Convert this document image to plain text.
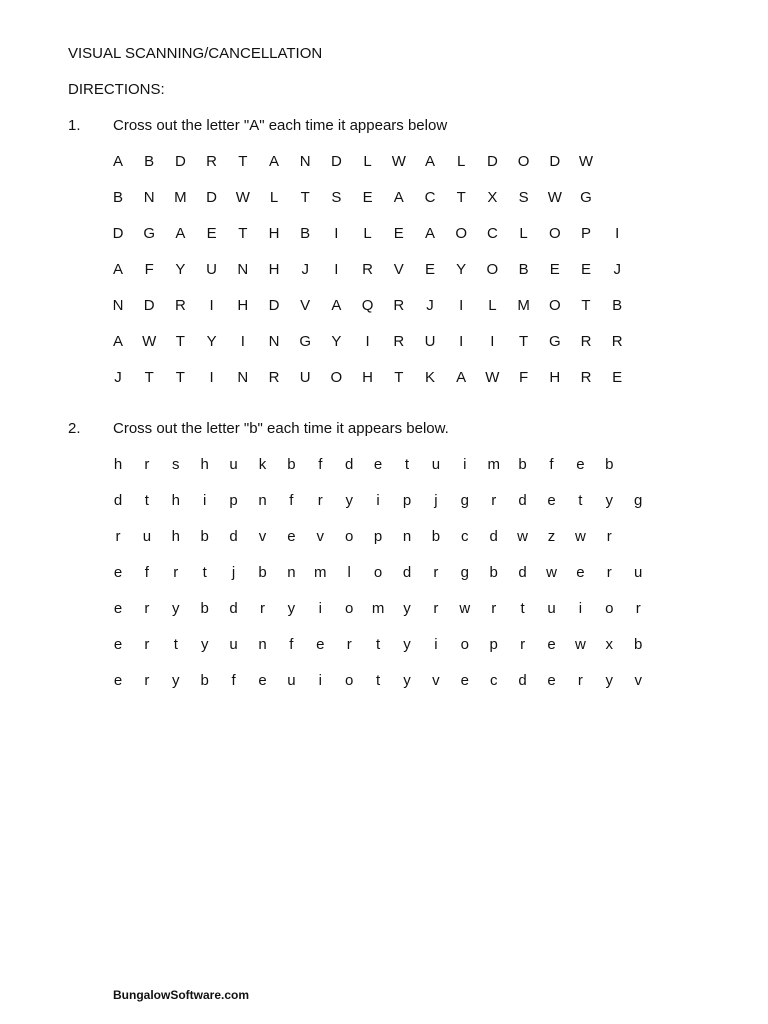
VISUAL SCANNING/CANCELLATION
DIRECTIONS:
1. Cross out the letter "A" each time it appears below
A	B	D	R	T	A	N	D	L	W	A	L	D	O	D	W
B	N	M	D	W	L	T	S	E	A	C	T	X	S	W	G
D	G	A	E	T	H	B	I	L	E	A	O	C	L	O	P	I
A	F	Y	U	N	H	J	I	R	V	E	Y	O	B	E	E	J
N	D	R	I	H	D	V	A	Q	R	J	I	L	M	O	T	B
A	W	T	Y	I	N	G	Y	I	R	U	I	I	T	G	R	R
J	T	T	I	N	R	U	O	H	T	K	A	W	F	H	R	E
2. Cross out the letter "b" each time it appears below.
h	r	s	h	u	k	b	f	d	e	t	u	i	m	b	f	e	b
d	t	h	i	p	n	f	r	y	i	p	j	g	r	d	e	t	y	g
r	u	h	b	d	v	e	v	o	p	n	b	c	d	w	z	w	r
e	f	r	t	j	b	n	m	l	o	d	r	g	b	d	w	e	r	u
e	r	y	b	d	r	y	i	o	m	y	r	w	r	t	u	i	o	r
e	r	t	y	u	n	f	e	r	t	y	i	o	p	r	e	w	x	b
e	r	y	b	f	e	u	i	o	t	y	v	e	c	d	e	r	y	v
BungalowSoftware.com
